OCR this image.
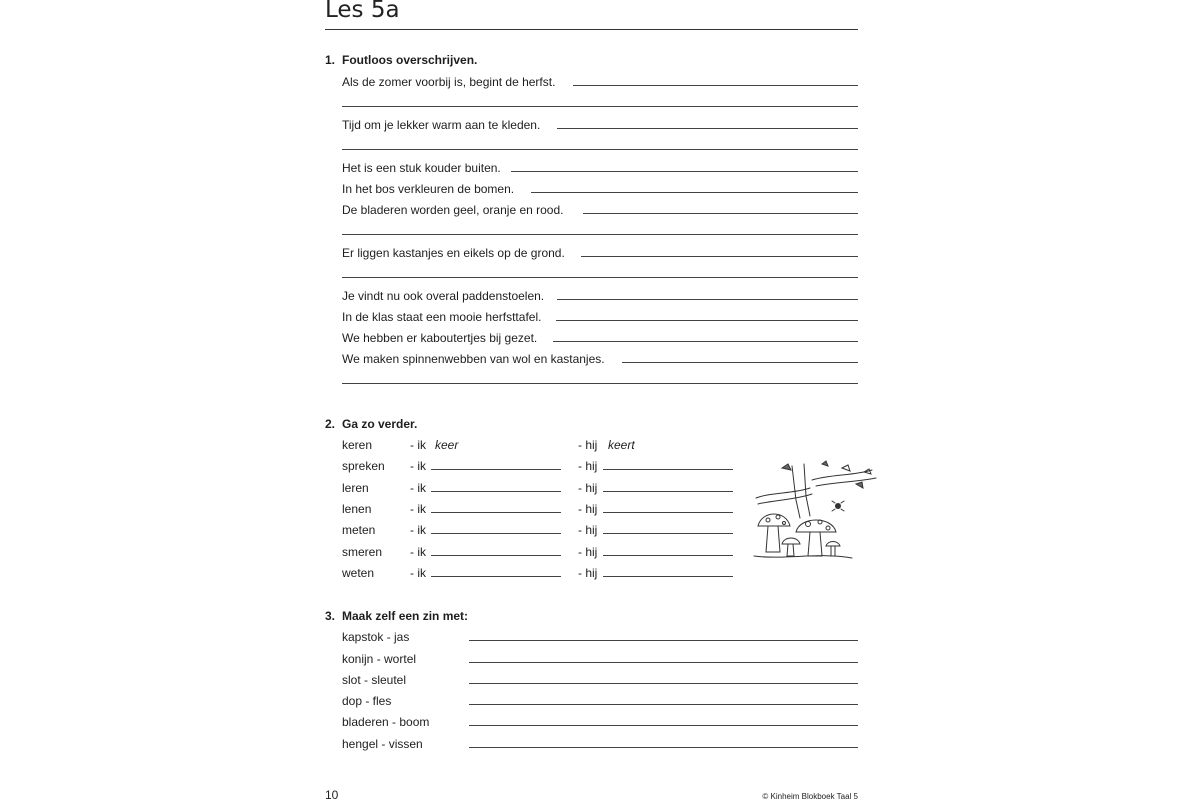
Les 5a
1. Foutloos overschrijven.
Als de zomer voorbij is, begint de herfst.
Tijd om je lekker warm aan te kleden.
Het is een stuk kouder buiten.
In het bos verkleuren de bomen.
De bladeren worden geel, oranje en rood.
Er liggen kastanjes en eikels op de grond.
Je vindt nu ook overal paddenstoelen.
In de klas staat een mooie herfsttafel.
We hebben er kaboutertjes bij gezet.
We maken spinnenwebben van wol en kastanjes.
2. Ga zo verder.
keren	- ik keer	- hij keert
spreken - ik	- hij
leren	- ik	- hij
lenen	- ik	- hij
meten	- ik	- hij
smeren - ik	- hij
weten	- ik	- hij
3. Maak zelf een zin met:
kapstok - jas
konijn - wortel
slot - sleutel
dop - fles
bladeren - boom
hengel - vissen
10	© Kinheim Blokboek Taal 5
